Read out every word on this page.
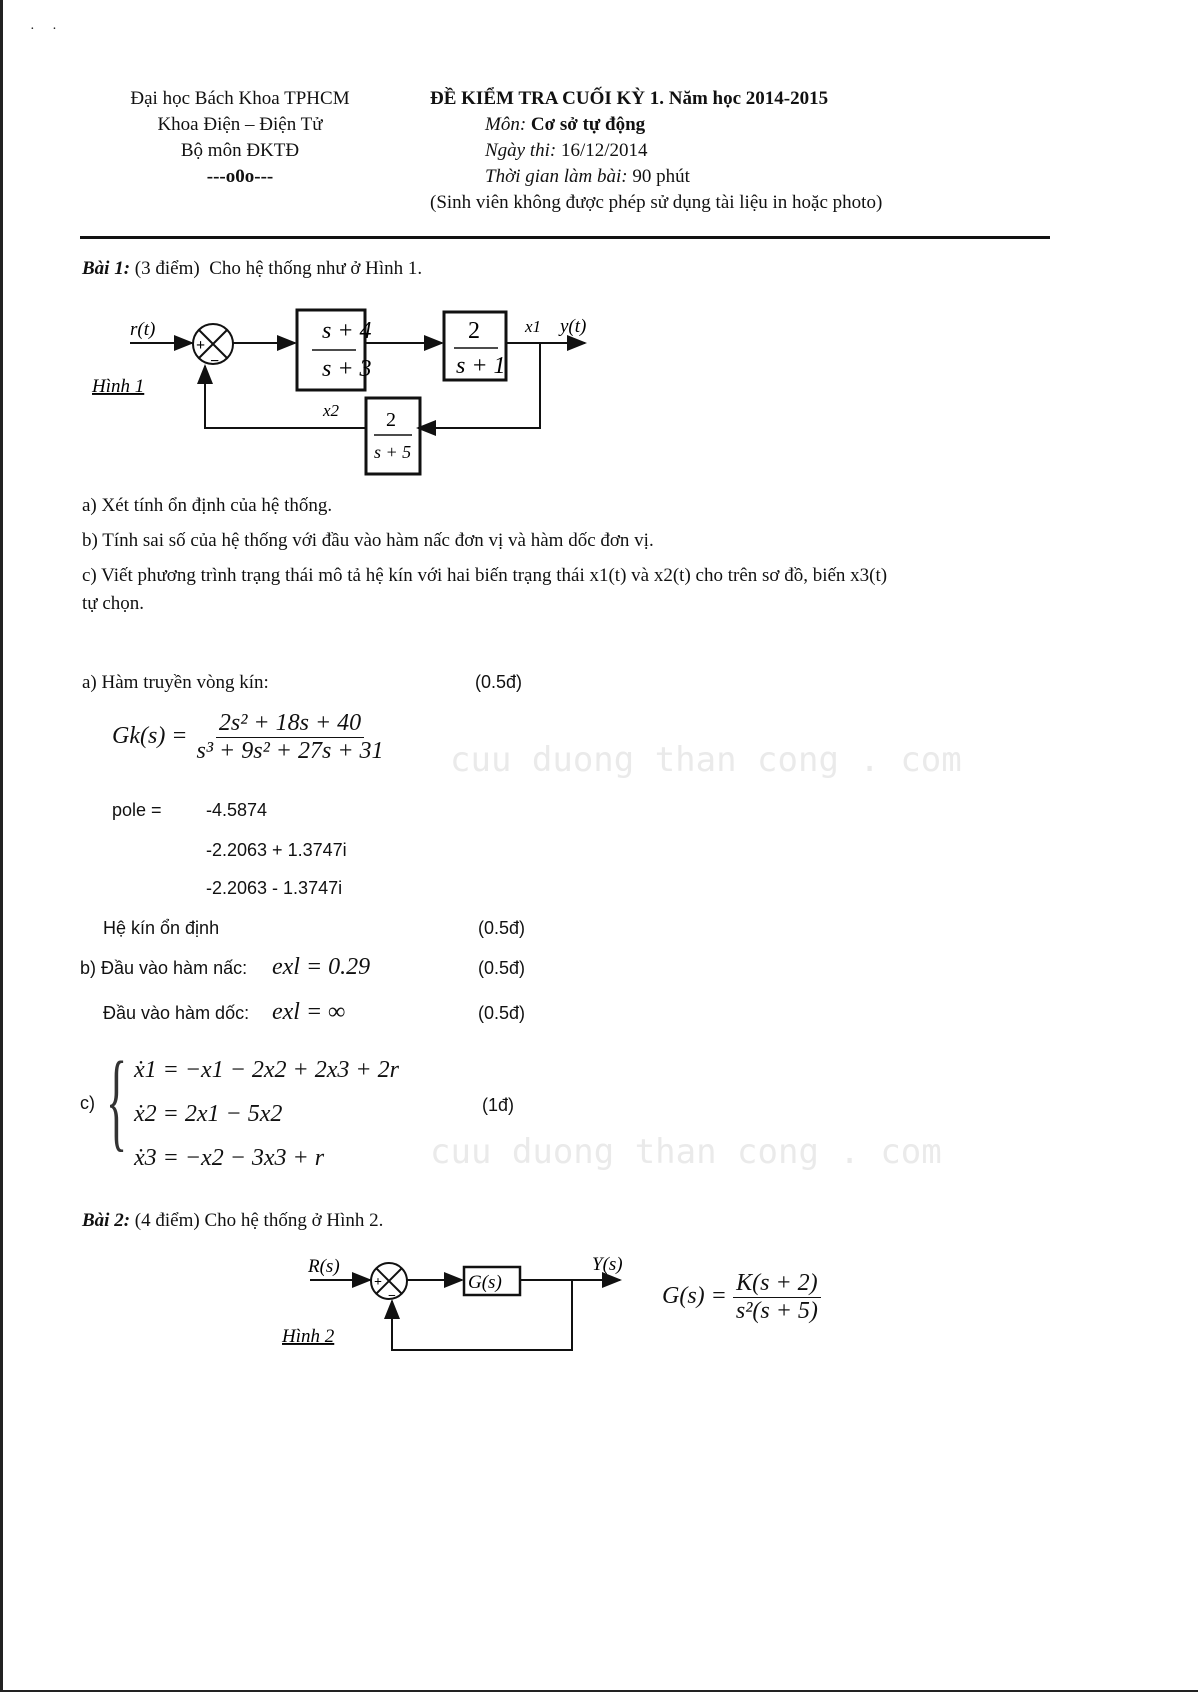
·     ·
Đại học Bách Khoa TPHCM
Khoa Điện – Điện Tử
Bộ môn ĐKTĐ
---o0o---
ĐỀ KIỂM TRA CUỐI KỲ 1. Năm học 2014-2015
Môn: Cơ sở tự động
Ngày thi: 16/12/2014
Thời gian làm bài: 90 phút
(Sinh viên không được phép sử dụng tài liệu in hoặc photo)
Bài 1: (3 điểm) Cho hệ thống như ở Hình 1.
+
−
r(t)	s + 4
s + 3
2
s + 1
2
s + 5
x1 y(t)
x2
Hình 1
a) Xét tính ổn định của hệ thống.
b) Tính sai số của hệ thống với đầu vào hàm nấc đơn vị và hàm dốc đơn vị.
c) Viết phương trình trạng thái mô tả hệ kín với hai biến trạng thái x1(t) và x2(t) cho trên sơ đồ, biến x3(t)
tự chọn.
cuu duong than cong . com
cuu duong than cong . com
a) Hàm truyền vòng kín:	(0.5đ)
$Gk(s) = \frac{\text{2s² + 18s + 40}}{\text{s³ + 9s² + 27s + 31}}$
pole = -4.5874
-2.2063 + 1.3747i
-2.2063 - 1.3747i
Hệ kín ổn định	(0.5đ)
b) Đầu vào hàm nấc: exl = 0.29	(0.5đ)
Đầu vào hàm dốc: exl = ∞	(0.5đ)
c) { ẋ1 = −x1 − 2x2 + 2x3 + 2r
ẋ2 = 2x1 − 5x2
ẋ3 = −x2 − 3x3 + r
(1đ)
Bài 2: (4 điểm) Cho hệ thống ở Hình 2.
+
−
R(s)
G(s)
Y(s)
Hình 2
$G(s) = \frac{K(s + 2)}{\text{s²(s + 5)}}$
